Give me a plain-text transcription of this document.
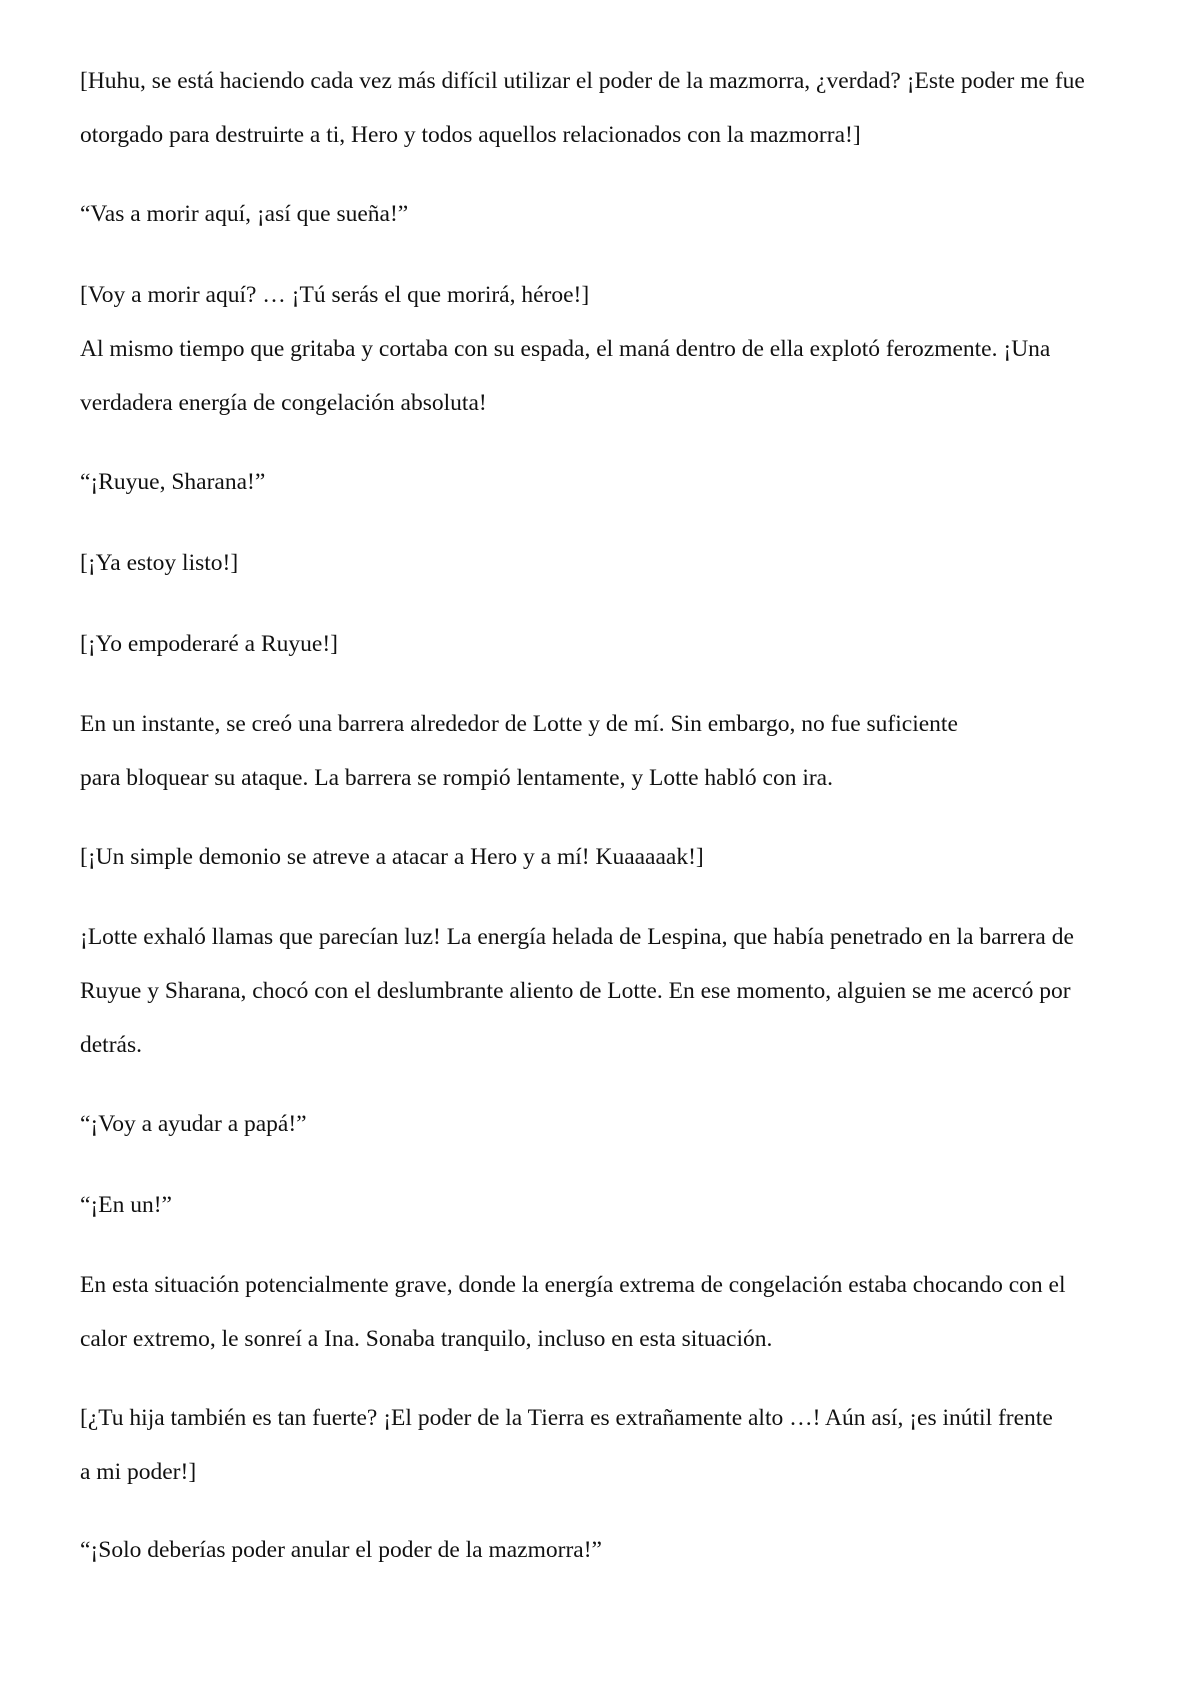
[Huhu, se está haciendo cada vez más difícil utilizar el poder de la mazmorra, ¿verdad? ¡Este poder me fue
otorgado para destruirte a ti, Hero y todos aquellos relacionados con la mazmorra!]

“Vas a morir aquí, ¡así que sueña!”

[Voy a morir aquí? … ¡Tú serás el que morirá, héroe!]

Al mismo tiempo que gritaba y cortaba con su espada, el maná dentro de ella explotó ferozmente. ¡Una
verdadera energía de congelación absoluta!

“¡Ruyue, Sharana!”

[¡Ya estoy listo!]

[¡Yo empoderaré a Ruyue!]

En un instante, se creó una barrera alrededor de Lotte y de mí. Sin embargo, no fue suficiente
para bloquear su ataque. La barrera se rompió lentamente, y Lotte habló con ira.

[¡Un simple demonio se atreve a atacar a Hero y a mí! Kuaaaaak!]

¡Lotte exhaló llamas que parecían luz! La energía helada de Lespina, que había penetrado en la barrera de
Ruyue y Sharana, chocó con el deslumbrante aliento de Lotte. En ese momento, alguien se me acercó por
detrás.

“¡Voy a ayudar a papá!”

“¡En un!”

En esta situación potencialmente grave, donde la energía extrema de congelación estaba chocando con el
calor extremo, le sonreí a Ina. Sonaba tranquilo, incluso en esta situación.

[¿Tu hija también es tan fuerte? ¡El poder de la Tierra es extrañamente alto …! Aún así, ¡es inútil frente
a mi poder!]

“¡Solo deberías poder anular el poder de la mazmorra!”
